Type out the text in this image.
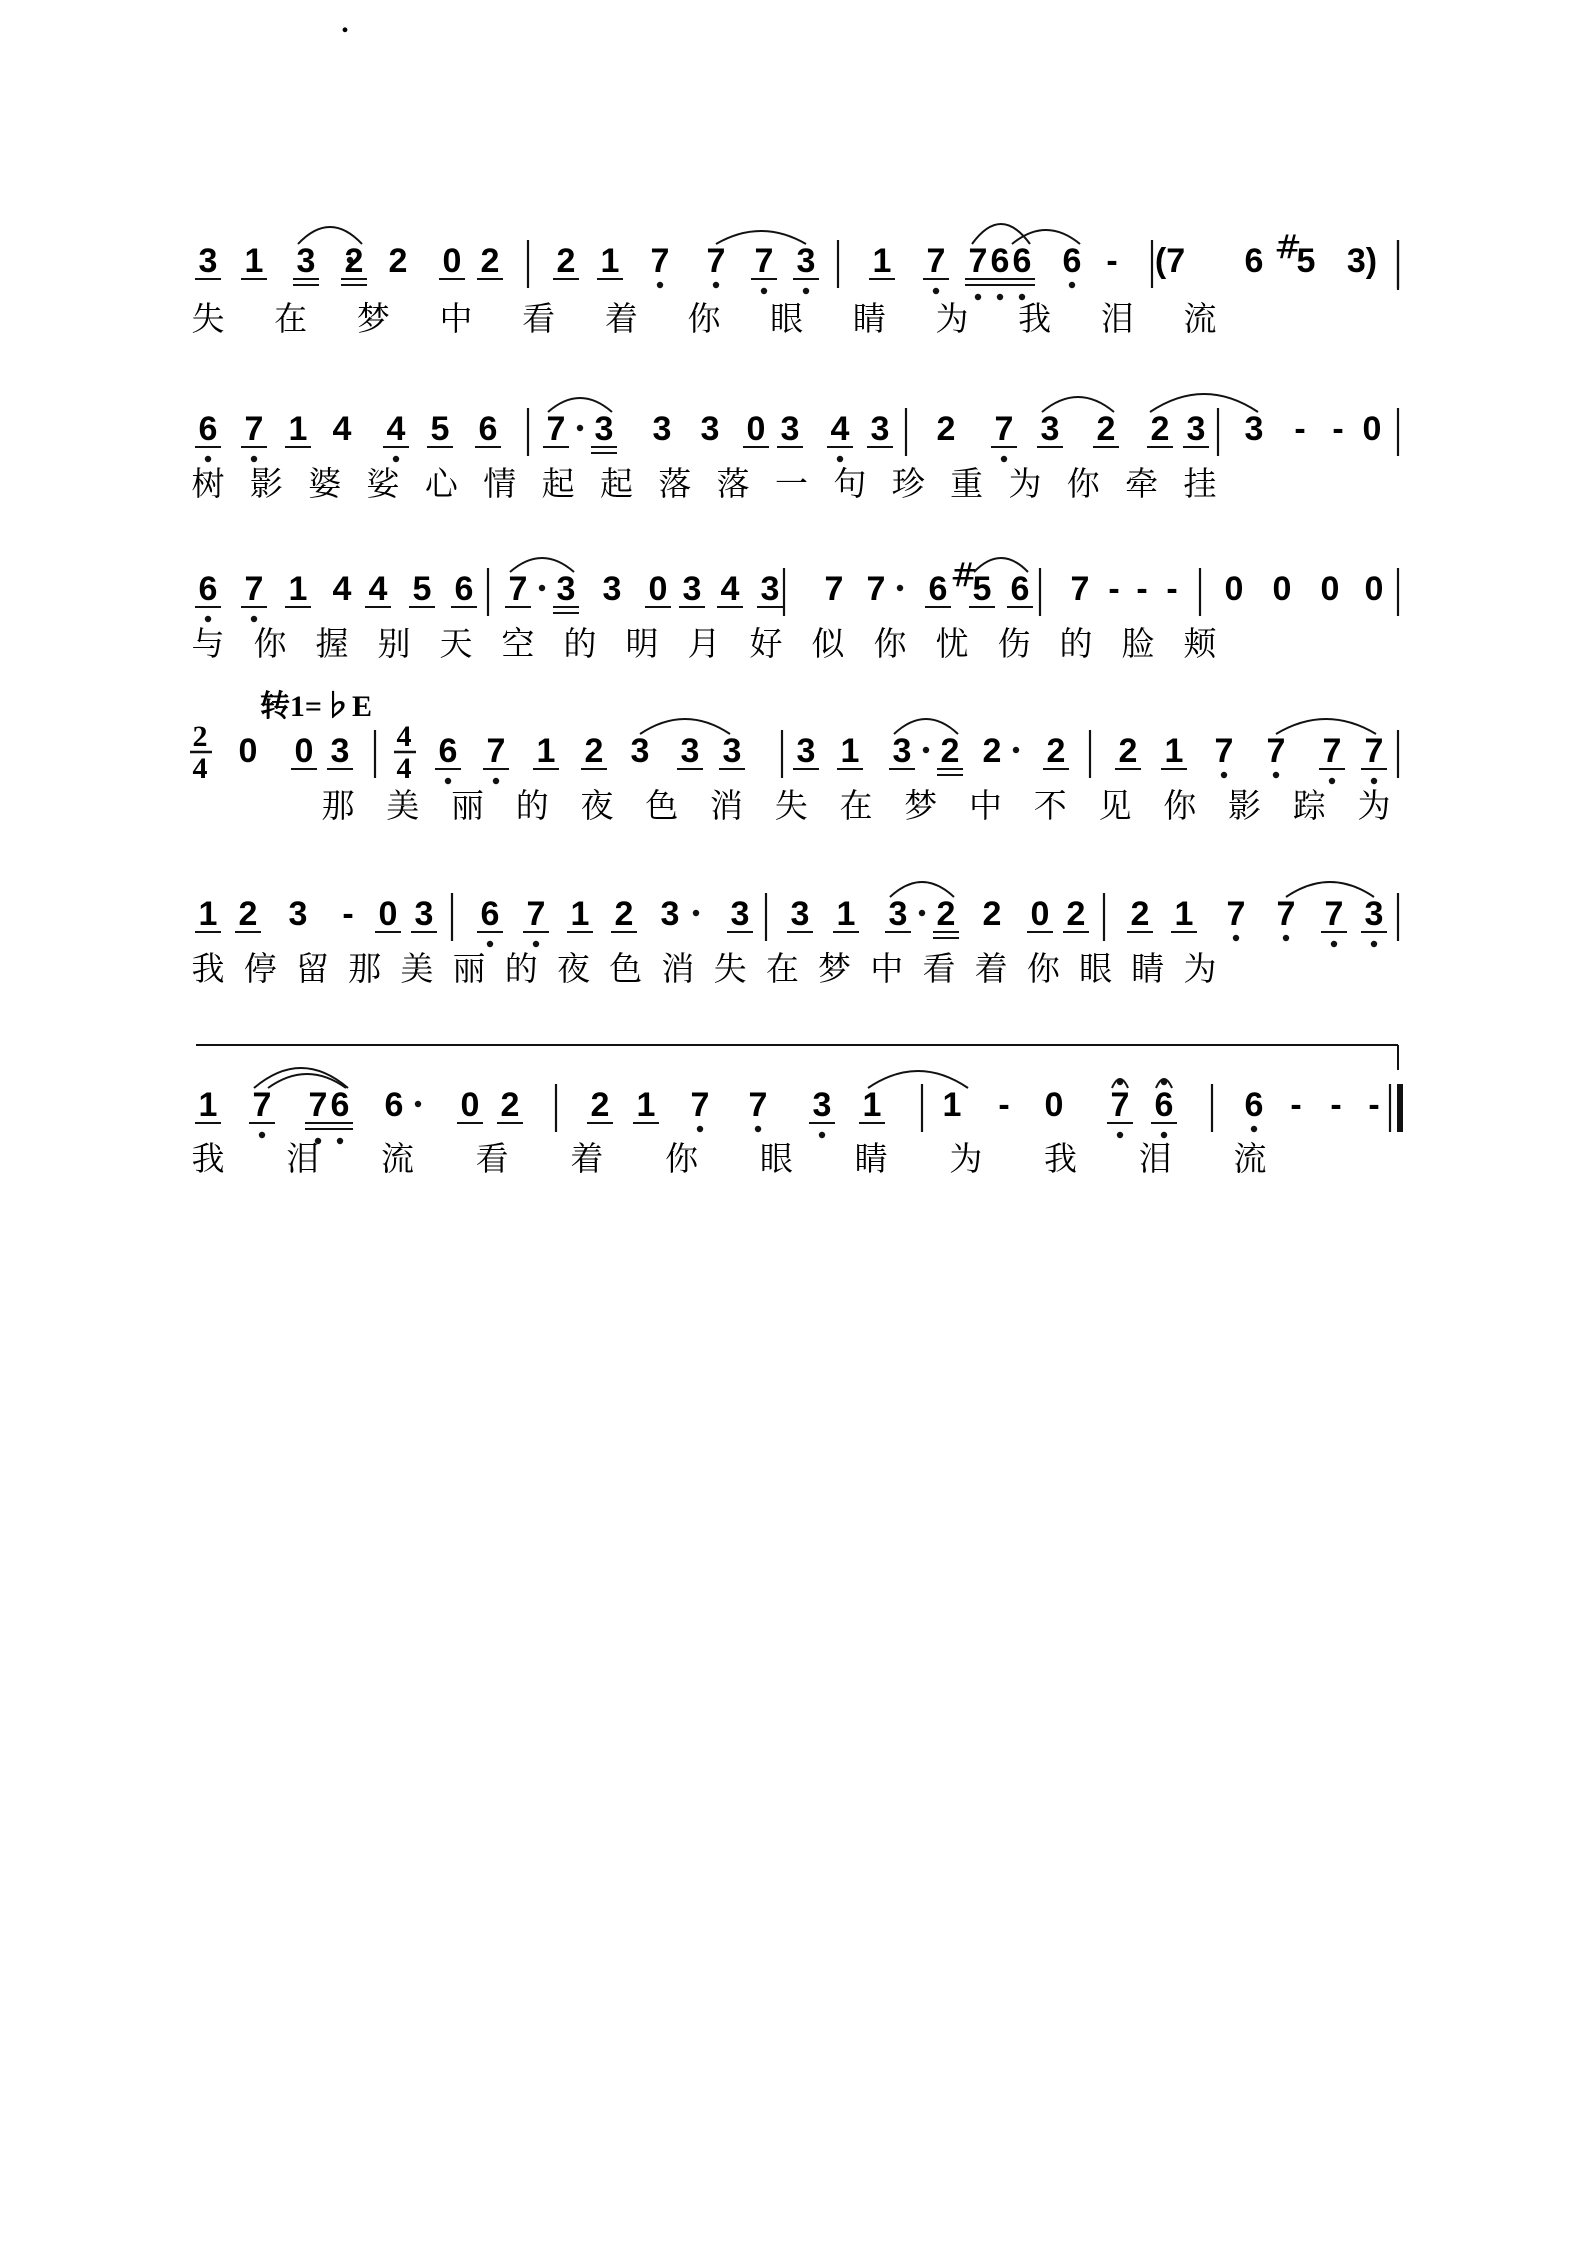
.
3 1 3 2 2 0 2 2 1 7 7 7 3 1 7 7 6 6 6 - (7 6 5
# 3)
失 在 梦 中 看 着 你 眼 睛 为 我 泪 流
6 7 1 4 4 5 6 7 3 3 3 0 3 4 3 2 7 3 2 2 3 3 - - 0
树 影 婆 娑 心 情 起 起 落 落 一 句 珍 重 为 你 牵 挂
6 7 1 4 4 5 6 7 3 3 0 3 4 3 7 7 6 5
# 6 7 - - - 0 0 0 0
与 你 握 别 天 空 的 明 月 好 似 你 忧 伤 的 脸 颊
0 0 3	6 7 1 2 3 3 3 3 1 3 2 2 2 2 1 7 7 7 7
那 美 丽 的 夜 色 消 失 在 梦 中 不 见 你 影 踪 为
1 2 3 - 0 3 6 7 1 2 3 3 3 1 3 2 2 0 2 2 1 7 7 7 3
我 停 留 那 美 丽 的 夜 色 消 失 在 梦 中 看 着 你 眼 睛 为
1 7 7 6 6 0 2 2 1 7 7 3 1 1 - 0 7 6 6 - - -
我 泪 流 看 着 你 眼 睛 为 我 泪 流
2
4
4
4
转1=♭E
